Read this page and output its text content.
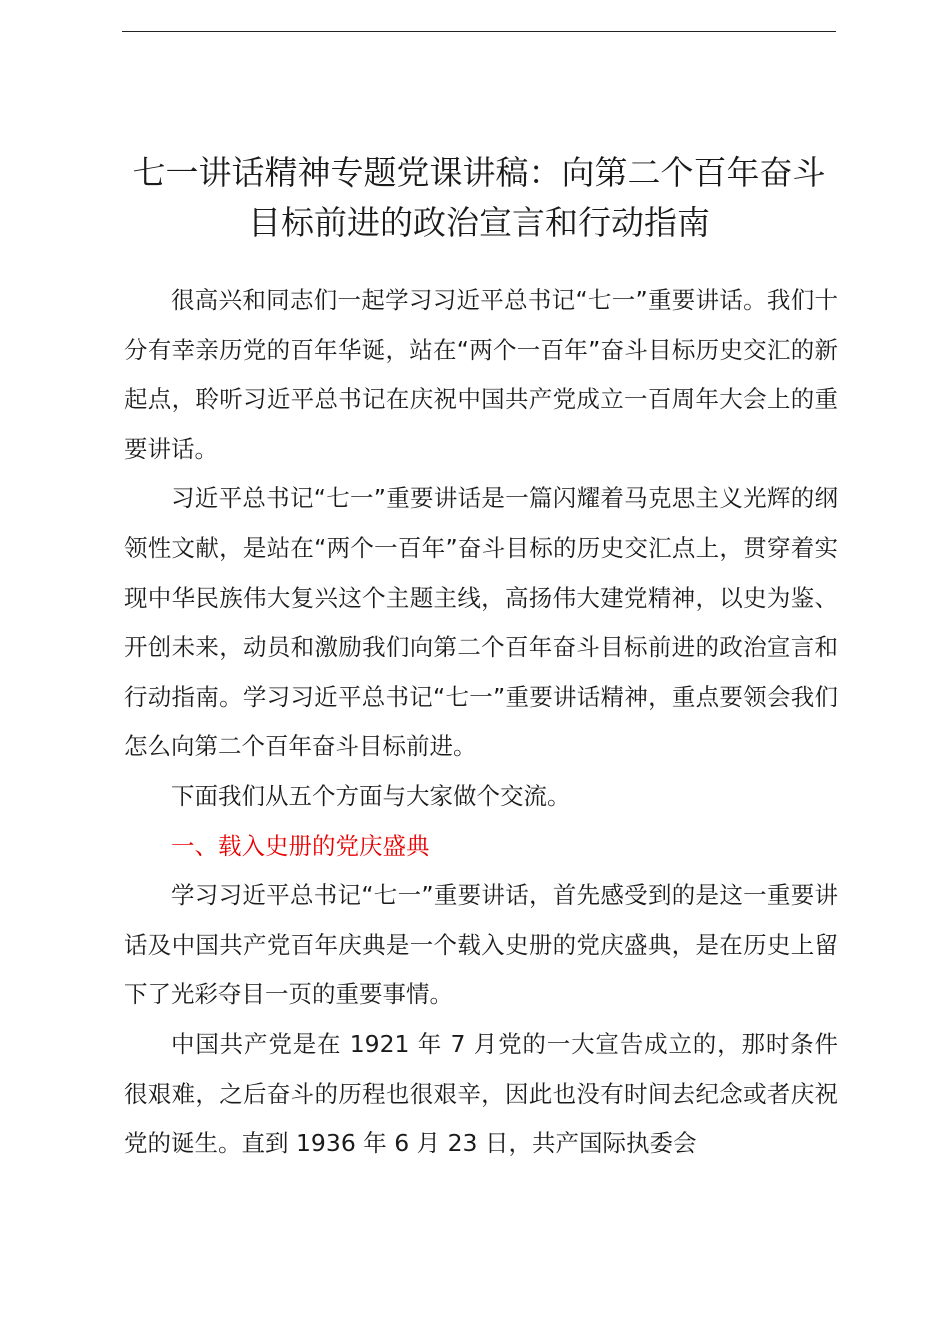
七一讲话精神专题党课讲稿：向第二个百年奋斗目标前进的政治宣言和行动指南

很高兴和同志们一起学习习近平总书记“七一”重要讲话。我们十分有幸亲历党的百年华诞，站在“两个一百年”奋斗目标历史交汇的新起点，聆听习近平总书记在庆祝中国共产党成立一百周年大会上的重要讲话。

习近平总书记“七一”重要讲话是一篇闪耀着马克思主义光辉的纲领性文献，是站在“两个一百年”奋斗目标的历史交汇点上，贯穿着实现中华民族伟大复兴这个主题主线，高扬伟大建党精神，以史为鉴、开创未来，动员和激励我们向第二个百年奋斗目标前进的政治宣言和行动指南。学习习近平总书记“七一”重要讲话精神，重点要领会我们怎么向第二个百年奋斗目标前进。

下面我们从五个方面与大家做个交流。

一、载入史册的党庆盛典

学习习近平总书记“七一”重要讲话，首先感受到的是这一重要讲话及中国共产党百年庆典是一个载入史册的党庆盛典，是在历史上留下了光彩夺目一页的重要事情。

中国共产党是在 1921 年 7 月党的一大宣告成立的，那时条件很艰难，之后奋斗的历程也很艰辛，因此也没有时间去纪念或者庆祝党的诞生。直到 1936 年 6 月 23 日，共产国际执委会
